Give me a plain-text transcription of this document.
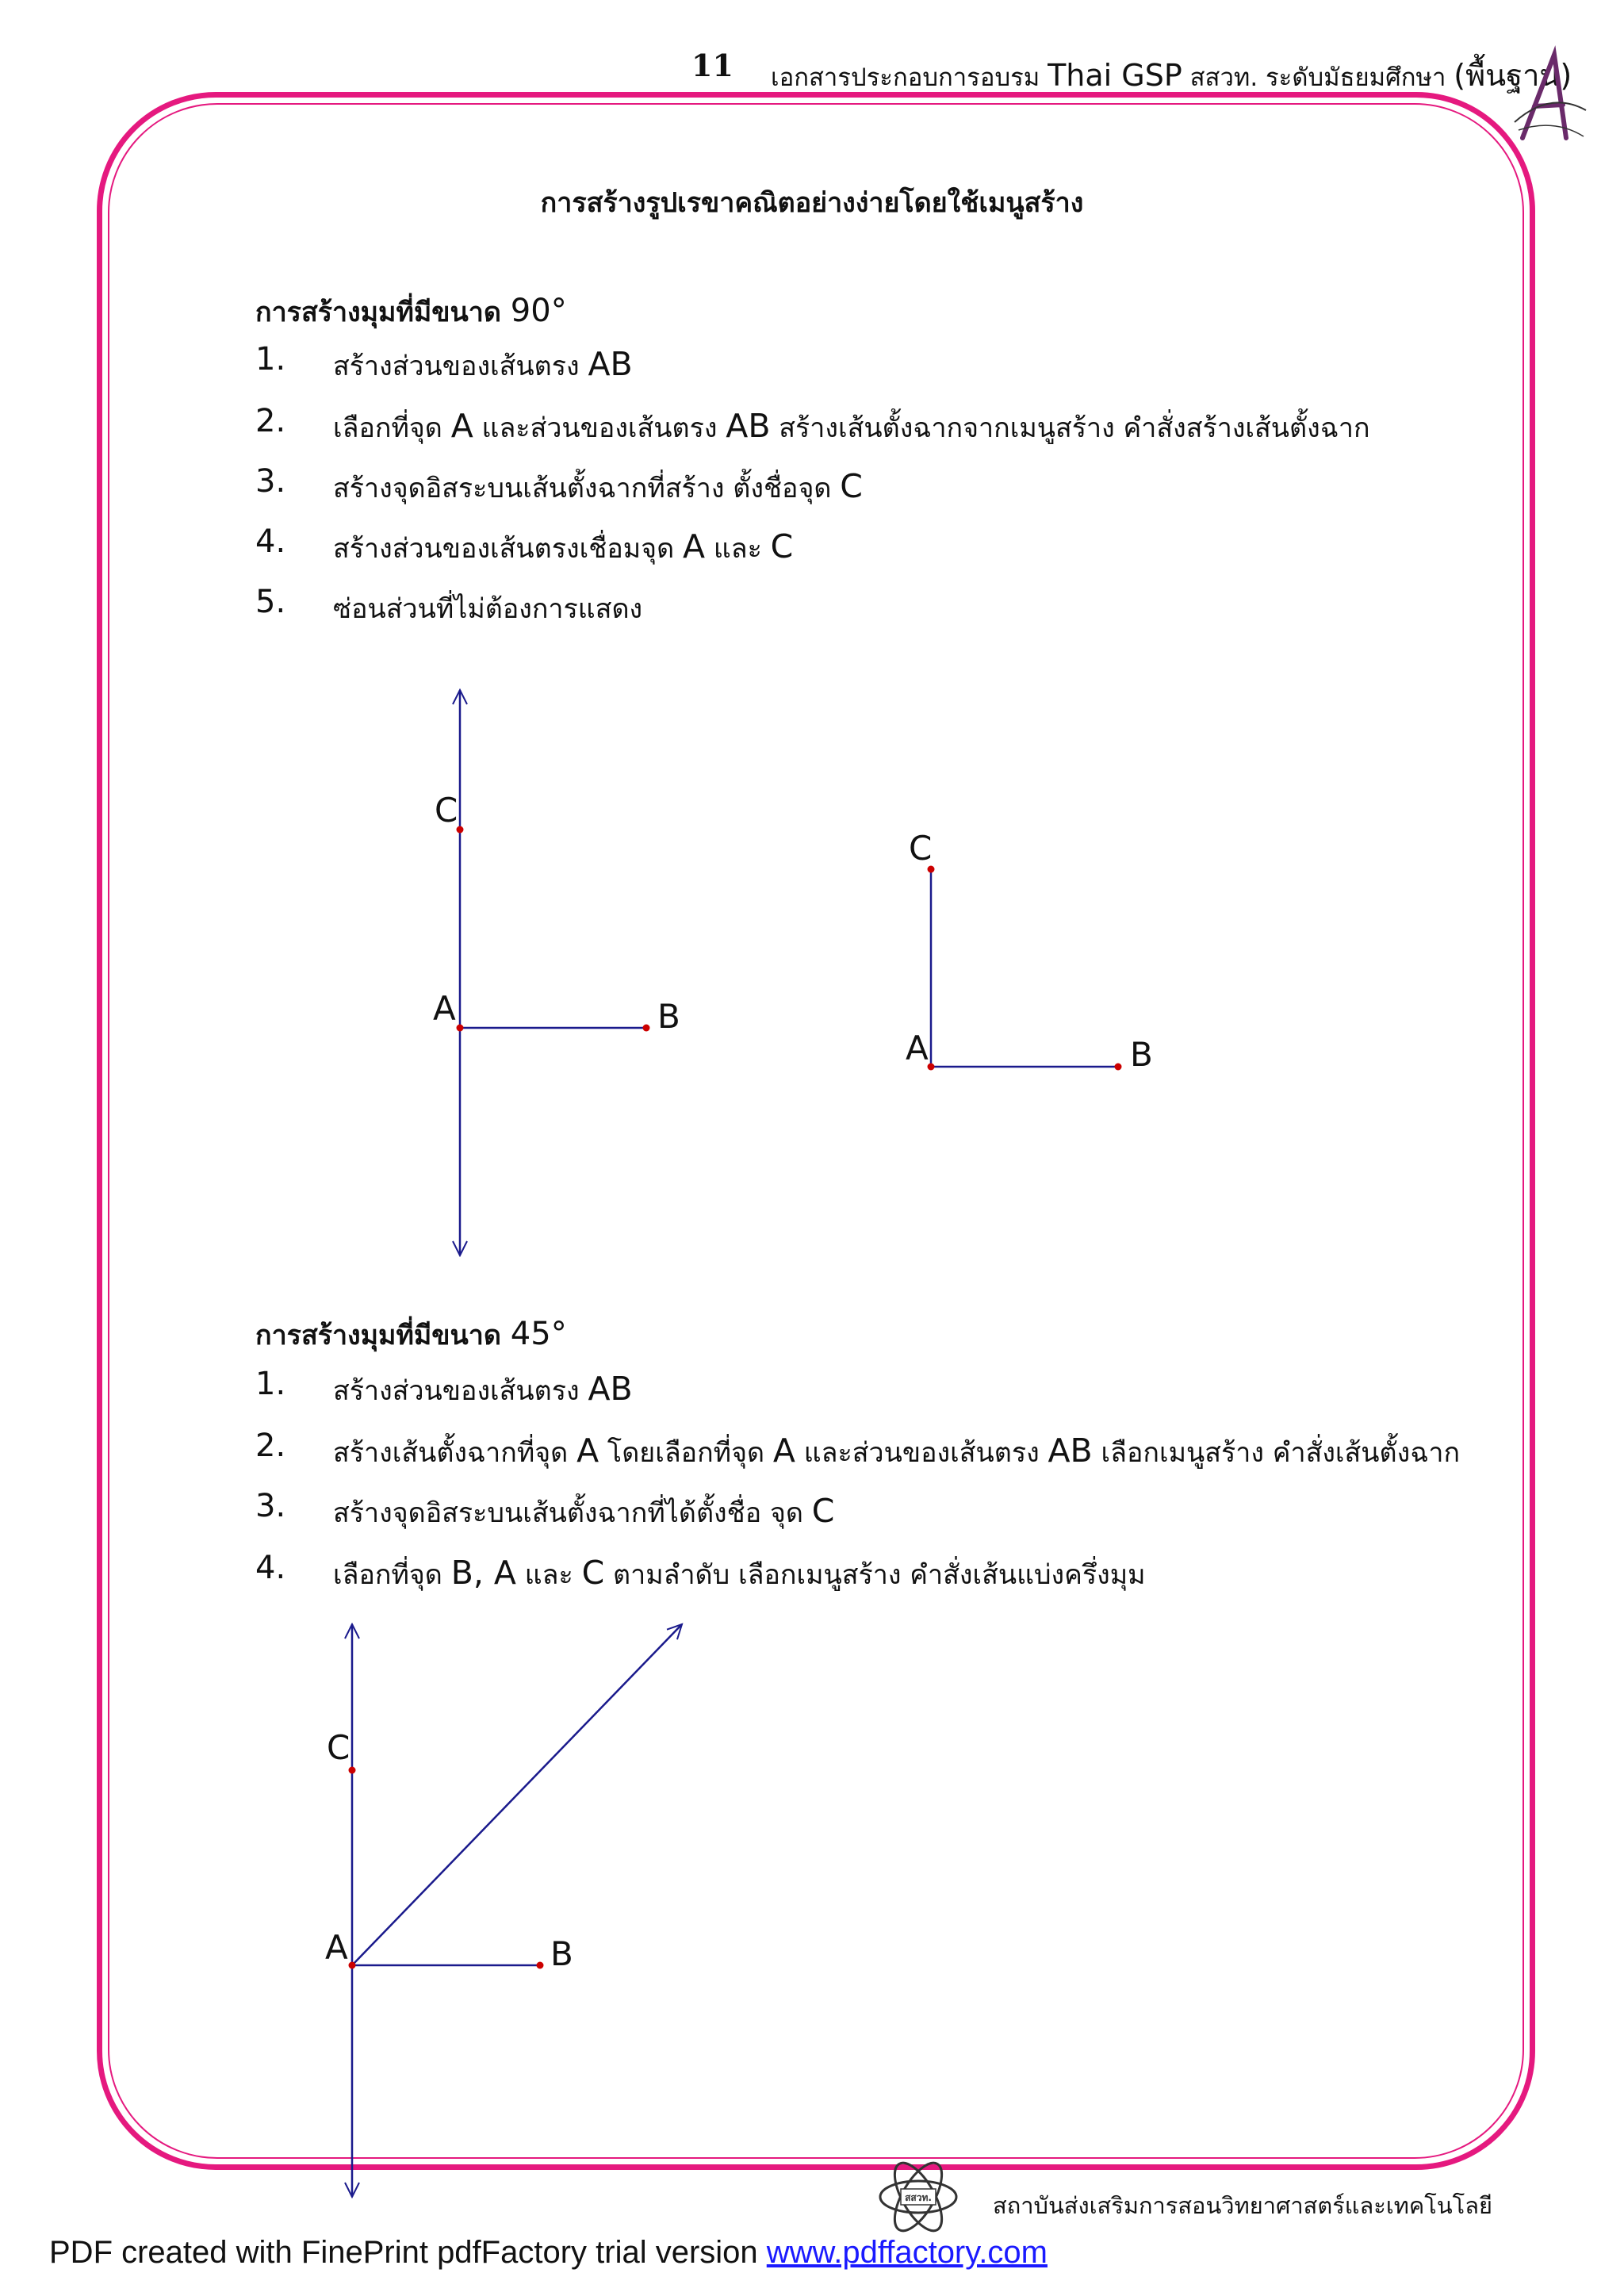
11 เอกสารประกอบการอบรม Thai GSP สสวท. ระดับมัธยมศึกษา (พื้นฐาน)
การสร้างรูปเรขาคณิตอย่างง่ายโดยใช้เมนูสร้าง
การสร้างมุมที่มีขนาด 90°
1. สร้างส่วนของเส้นตรง AB
2. เลือกที่จุด A และส่วนของเส้นตรง AB สร้างเส้นตั้งฉากจากเมนูสร้าง คำสั่งสร้างเส้นตั้งฉาก
3. สร้างจุดอิสระบนเส้นตั้งฉากที่สร้าง ตั้งชื่อจุด C
4. สร้างส่วนของเส้นตรงเชื่อมจุด A และ C
5. ซ่อนส่วนที่ไม่ต้องการแสดง
การสร้างมุมที่มีขนาด 45°
1. สร้างส่วนของเส้นตรง AB
2. สร้างเส้นตั้งฉากที่จุด A โดยเลือกที่จุด A และส่วนของเส้นตรง AB เลือกเมนูสร้าง คำสั่งเส้นตั้งฉาก
3. สร้างจุดอิสระบนเส้นตั้งฉากที่ได้ตั้งชื่อ จุด C
4. เลือกที่จุด B, A และ C ตามลำดับ เลือกเมนูสร้าง คำสั่งเส้นแบ่งครึ่งมุม
C
A	B
C
A	B
C
A	B
สสวท.	สถาบันส่งเสริมการสอนวิทยาศาสตร์และเทคโนโลยี
PDF created with FinePrint pdfFactory trial version www.pdffactory.com
